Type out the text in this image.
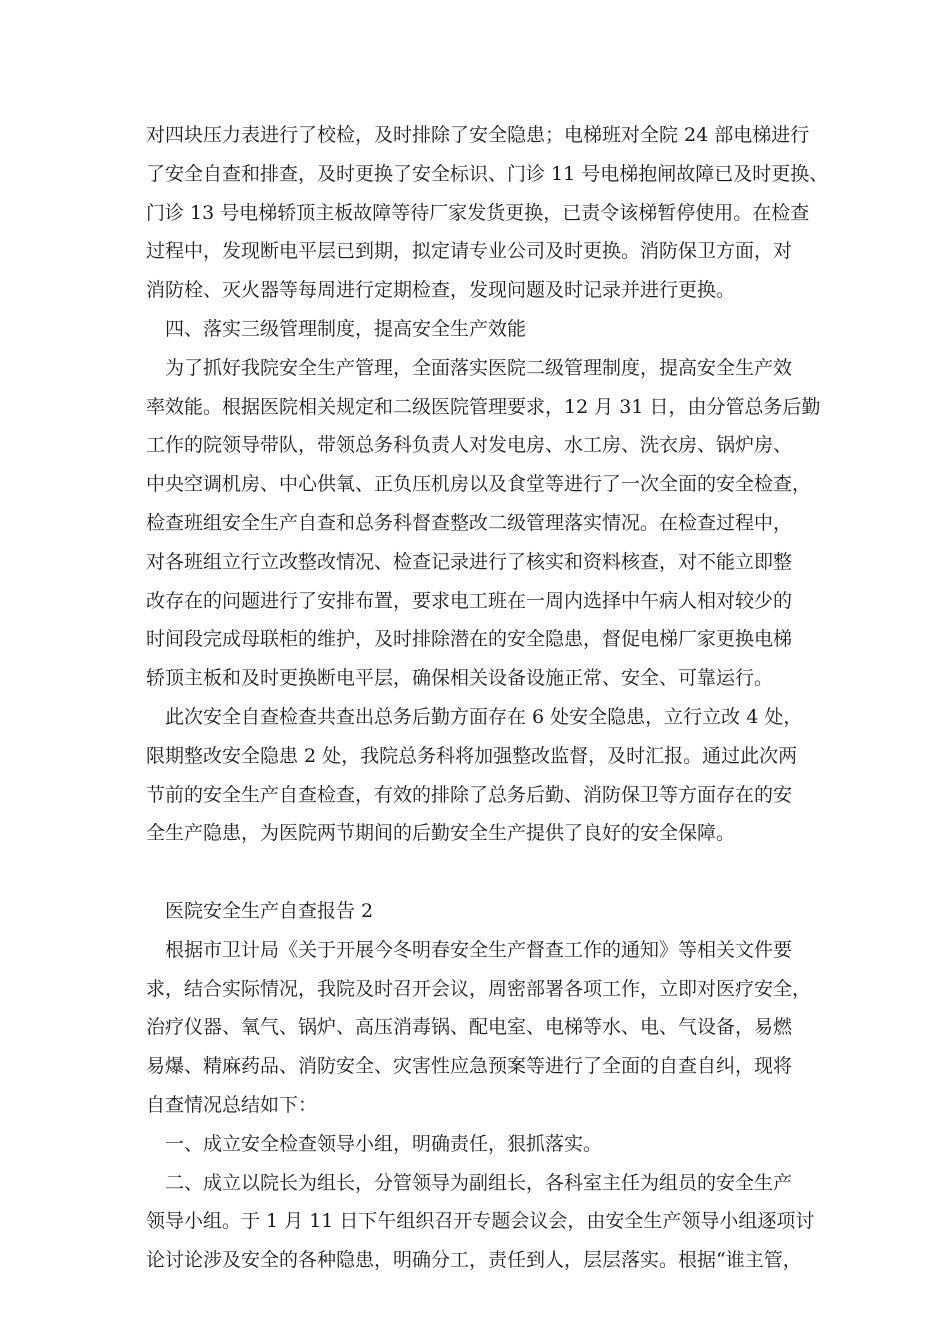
对四块压力表进行了校检，及时排除了安全隐患；电梯班对全院 24 部电梯进行
了安全自查和排查，及时更换了安全标识、门诊 11 号电梯抱闸故障已及时更换、
门诊 13 号电梯轿顶主板故障等待厂家发货更换，已责令该梯暂停使用。在检查
过程中，发现断电平层已到期，拟定请专业公司及时更换。消防保卫方面，对
消防栓、灭火器等每周进行定期检查，发现问题及时记录并进行更换。
　四、落实三级管理制度，提高安全生产效能
　为了抓好我院安全生产管理，全面落实医院二级管理制度，提高安全生产效
率效能。根据医院相关规定和二级医院管理要求，12 月 31 日，由分管总务后勤
工作的院领导带队，带领总务科负责人对发电房、水工房、洗衣房、锅炉房、
中央空调机房、中心供氧、正负压机房以及食堂等进行了一次全面的安全检查，
检查班组安全生产自查和总务科督查整改二级管理落实情况。在检查过程中，
对各班组立行立改整改情况、检查记录进行了核实和资料核查，对不能立即整
改存在的问题进行了安排布置，要求电工班在一周内选择中午病人相对较少的
时间段完成母联柜的维护，及时排除潜在的安全隐患，督促电梯厂家更换电梯
轿顶主板和及时更换断电平层，确保相关设备设施正常、安全、可靠运行。
　此次安全自查检查共查出总务后勤方面存在 6 处安全隐患，立行立改 4 处，
限期整改安全隐患 2 处，我院总务科将加强整改监督，及时汇报。通过此次两
节前的安全生产自查检查，有效的排除了总务后勤、消防保卫等方面存在的安
全生产隐患，为医院两节期间的后勤安全生产提供了良好的安全保障。
　医院安全生产自查报告 2
　根据市卫计局《关于开展今冬明春安全生产督查工作的通知》等相关文件要
求，结合实际情况，我院及时召开会议，周密部署各项工作，立即对医疗安全，
治疗仪器、氧气、锅炉、高压消毒锅、配电室、电梯等水、电、气设备，易燃
易爆、精麻药品、消防安全、灾害性应急预案等进行了全面的自查自纠，现将
自查情况总结如下：
　一、成立安全检查领导小组，明确责任，狠抓落实。
　二、成立以院长为组长，分管领导为副组长，各科室主任为组员的安全生产
领导小组。于 1 月 11 日下午组织召开专题会议会，由安全生产领导小组逐项讨
论讨论涉及安全的各种隐患，明确分工，责任到人，层层落实。根据“谁主管，
